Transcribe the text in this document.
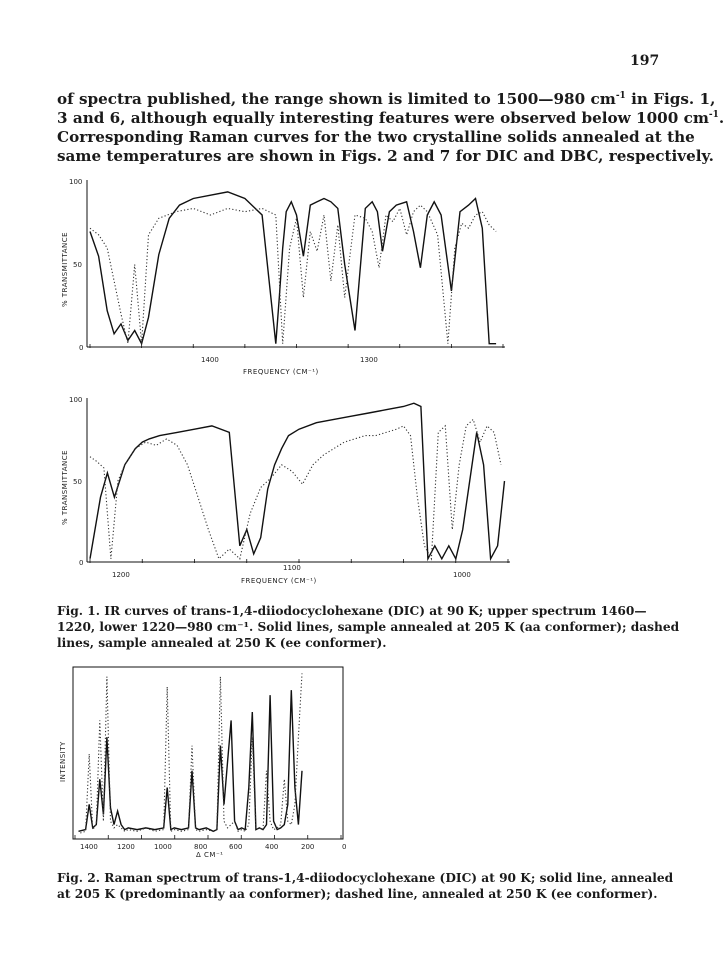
197
of spectra published, the range shown is limited to 1500—980 $cm^{-1}$ in Figs. 1,
3 and 6, although equally interesting features were observed below 1000 $cm^{-1}$.
Corresponding Raman curves for the two crystalline solids annealed at the
same temperatures are shown in Figs. 2 and 7 for DIC and DBC, respectively.
100
50
0
% TRANSMITTANCE
1400	1300
FREQUENCY (CM⁻¹)
100
50
0
% TRANSMITTANCE
1200
1100
1000
FREQUENCY (CM⁻¹)
Fig. 1. IR curves of trans-1,4-diiodocyclohexane (DIC) at 90 K; upper spectrum 1460—
1220, lower 1220—980 cm⁻¹. Solid lines, sample annealed at 205 K (aa conformer); dashed
lines, sample annealed at 250 K (ee conformer).
INTENSITY
1400	1200	1000	800	600	400	200	0
Δ CM⁻¹
Fig. 2. Raman spectrum of trans-1,4-diiodocyclohexane (DIC) at 90 K; solid line, annealed
at 205 K (predominantly aa conformer); dashed line, annealed at 250 K (ee conformer).
